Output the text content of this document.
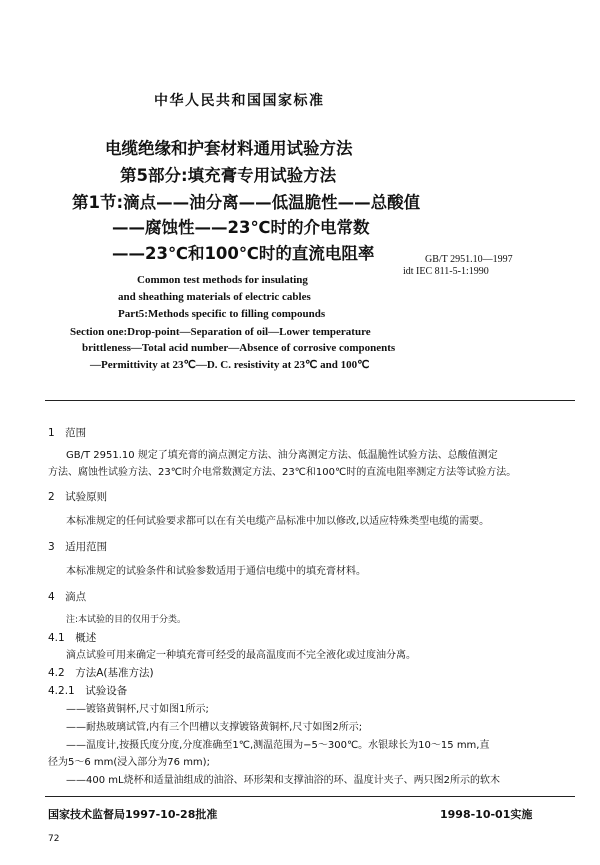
中华人民共和国国家标准
电缆绝缘和护套材料通用试验方法
第5部分:填充膏专用试验方法
第1节:滴点——油分离——低温脆性——总酸值
——腐蚀性——23℃时的介电常数
——23℃和100℃时的直流电阻率	GB/T 2951.10—1997
idt IEC 811-5-1:1990
Common test methods for insulating
and sheathing materials of electric cables
Part5:Methods specific to filling compounds
Section one:Drop-point—Separation of oil—Lower temperature
brittleness—Total acid number—Absence of corrosive components
—Permittivity at 23℃—D. C. resistivity at 23℃ and 100℃
1　范围
GB/T 2951.10 规定了填充膏的滴点测定方法、油分离测定方法、低温脆性试验方法、总酸值测定
方法、腐蚀性试验方法、23℃时介电常数测定方法、23℃和100℃时的直流电阻率测定方法等试验方法。
2　试验原则
本标准规定的任何试验要求都可以在有关电缆产品标准中加以修改,以适应特殊类型电缆的需要。
3　适用范围
本标准规定的试验条件和试验参数适用于通信电缆中的填充膏材料。
4　滴点
注:本试验的目的仅用于分类。
4.1　概述
滴点试验可用来确定一种填充膏可经受的最高温度而不完全液化或过度油分离。
4.2　方法A(基准方法)
4.2.1　试验设备
——镀铬黄铜杯,尺寸如图1所示;
——耐热玻璃试管,内有三个凹槽以支撑镀铬黄铜杯,尺寸如图2所示;
——温度计,按摄氏度分度,分度准确至1℃,测温范围为−5～300℃。水银球长为10～15 mm,直
径为5～6 mm(浸入部分为76 mm);
——400 mL烧杯和适量油组成的油浴、环形架和支撑油浴的环、温度计夹子、两只图2所示的软木
国家技术监督局1997-10-28批准	1998-10-01实施
72
